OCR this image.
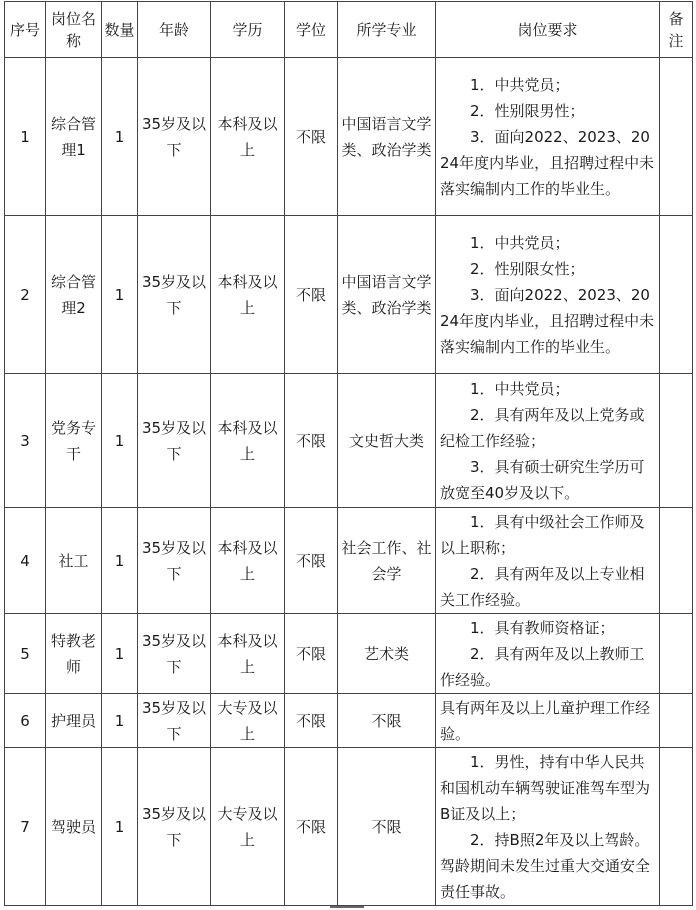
序号	岗位名称	数量	年龄	学历	学位	所学专业	岗位要求	备注
1	综合管理1	1	35岁及以下	本科及以上	不限	中国语言文学类、政治学类	1．中共党员；
2．性别限男性；
3．面向2022、2023、2024年度内毕业，且招聘过程中未落实编制内工作的毕业生。	

2	综合管理2	1	35岁及以下	本科及以上	不限	中国语言文学类、政治学类	1．中共党员；
2．性别限女性；
3．面向2022、2023、2024年度内毕业，且招聘过程中未落实编制内工作的毕业生。	

3	党务专干	1	35岁及以下	本科及以上	不限	文史哲大类	1．中共党员；
2．具有两年及以上党务或纪检工作经验；
3．具有硕士研究生学历可放宽至40岁及以下。	

4	社工	1	35岁及以下	本科及以上	不限	社会工作、社会学	1．具有中级社会工作师及以上职称；
2．具有两年及以上专业相关工作经验。	

5	特教老师	1	35岁及以下	本科及以上	不限	艺术类	1．具有教师资格证；
2．具有两年及以上教师工作经验。	

6	护理员	1	35岁及以下	大专及以上	不限	不限	具有两年及以上儿童护理工作经验。	

7	驾驶员	1	35岁及以下	大专及以上	不限	不限	1．男性，持有中华人民共和国机动车辆驾驶证准驾车型为B证及以上；
2．持B照2年及以上驾龄。驾龄期间未发生过重大交通安全责任事故。	
